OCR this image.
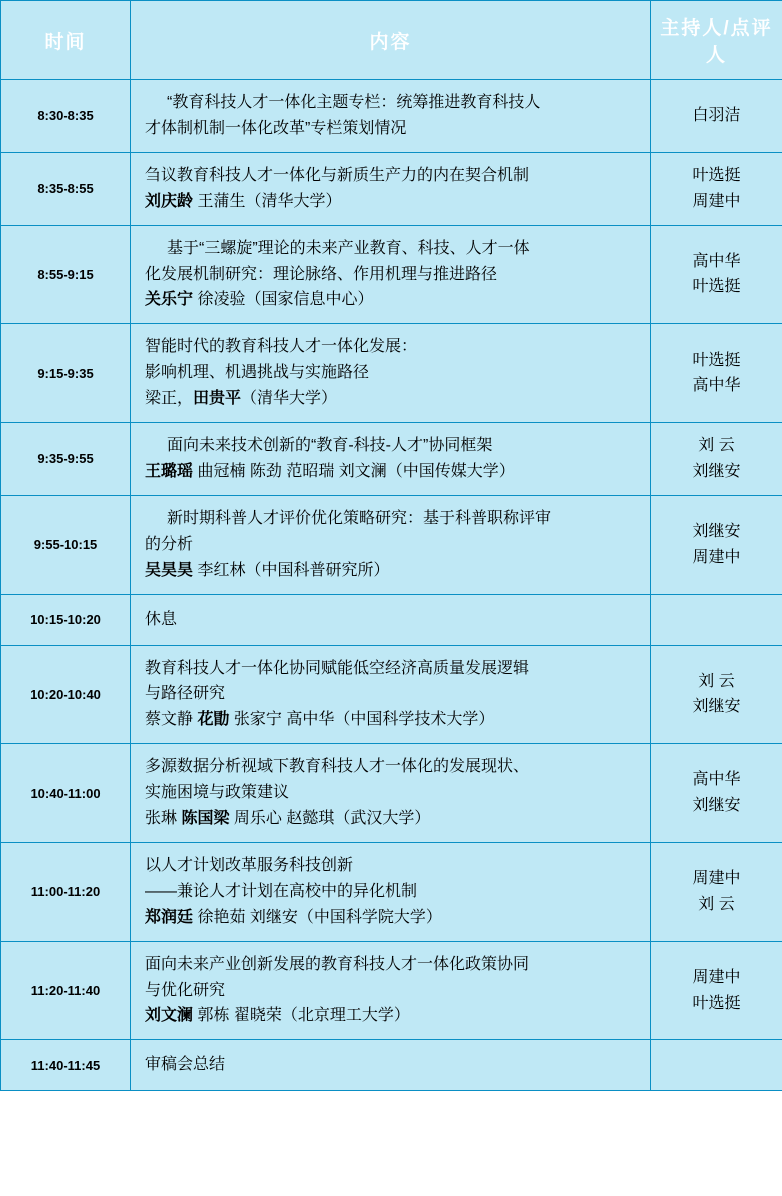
时间	内容	主持人/点评人
8:30-8:35	“教育科技人才一体化主题专栏：统筹推进教育科技人
才体制机制一体化改革”专栏策划情况	白羽洁

8:35-8:55	刍议教育科技人才一体化与新质生产力的内在契合机制
刘庆龄 王蒲生（清华大学）	叶选挺
周建中

8:55-9:15	基于“三螺旋”理论的未来产业教育、科技、人才一体
化发展机制研究：理论脉络、作用机理与推进路径
关乐宁 徐凌验（国家信息中心）	高中华
叶选挺

9:15-9:35	智能时代的教育科技人才一体化发展：
影响机理、机遇挑战与实施路径
梁正，田贵平（清华大学）	叶选挺
高中华

9:35-9:55	面向未来技术创新的“教育-科技-人才”协同框架
王璐瑶 曲冠楠 陈劲 范昭瑞 刘文澜（中国传媒大学）	刘 云
刘继安

9:55-10:15	新时期科普人才评价优化策略研究：基于科普职称评审
的分析
吴昊昊 李红林（中国科普研究所）	刘继安
周建中

10:15-10:20	休息	

10:20-10:40	教育科技人才一体化协同赋能低空经济高质量发展逻辑
与路径研究
蔡文静 花勖 张家宁 高中华（中国科学技术大学）	刘 云
刘继安

10:40-11:00	多源数据分析视域下教育科技人才一体化的发展现状、
实施困境与政策建议
张琳 陈国梁 周乐心 赵懿琪（武汉大学）	高中华
刘继安

11:00-11:20	以人才计划改革服务科技创新
——兼论人才计划在高校中的异化机制
郑润廷 徐艳茹 刘继安（中国科学院大学）	周建中
刘 云

11:20-11:40	面向未来产业创新发展的教育科技人才一体化政策协同
与优化研究
刘文澜 郭栋 翟晓荣（北京理工大学）	周建中
叶选挺

11:40-11:45	审稿会总结	
